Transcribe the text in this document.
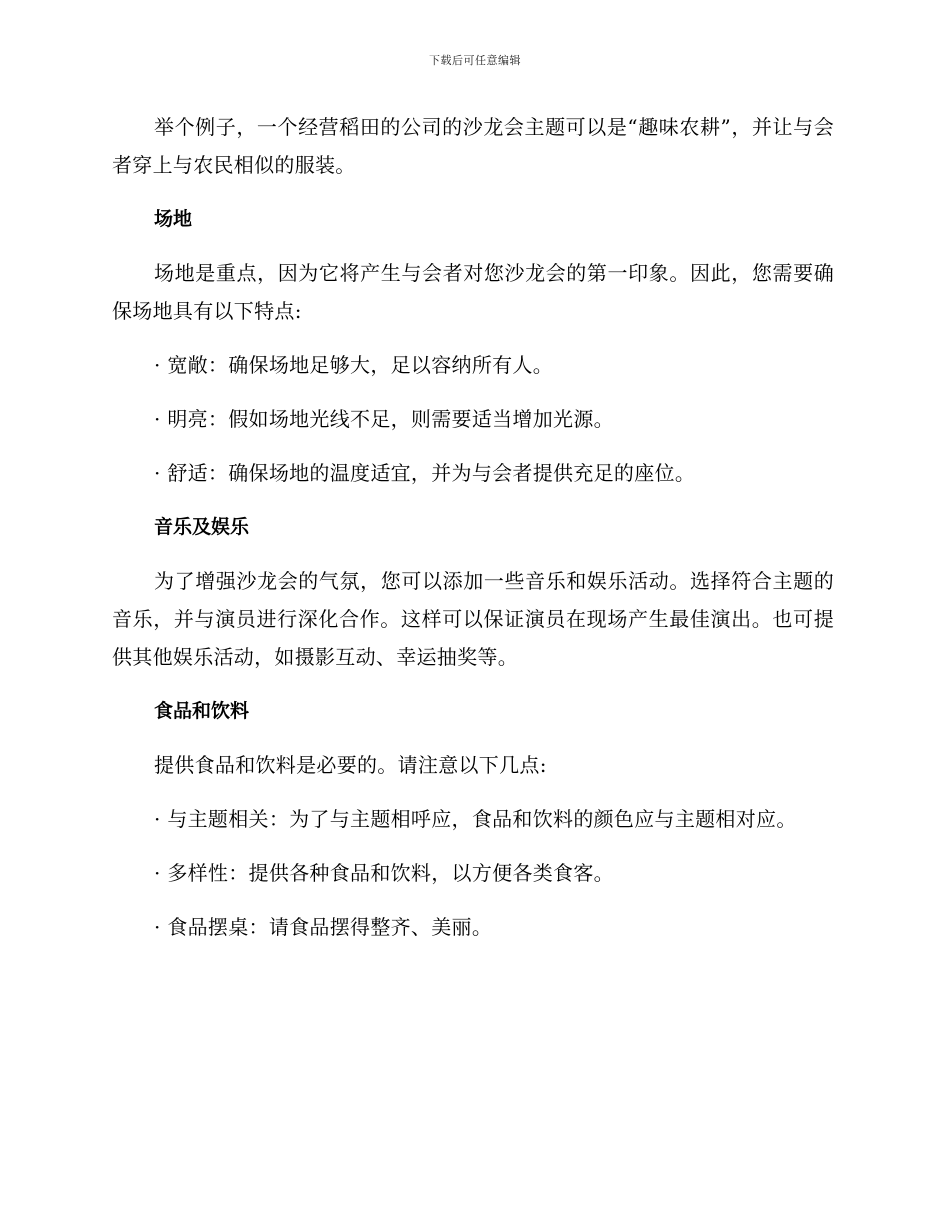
下载后可任意编辑

举个例子，一个经营稻田的公司的沙龙会主题可以是“趣味农耕”，并让与会者穿上与农民相似的服装。

场地

场地是重点，因为它将产生与会者对您沙龙会的第一印象。因此，您需要确保场地具有以下特点:

· 宽敞：确保场地足够大，足以容纳所有人。

· 明亮：假如场地光线不足，则需要适当增加光源。

· 舒适：确保场地的温度适宜，并为与会者提供充足的座位。

音乐及娱乐

为了增强沙龙会的气氛，您可以添加一些音乐和娱乐活动。选择符合主题的音乐，并与演员进行深化合作。这样可以保证演员在现场产生最佳演出。也可提供其他娱乐活动，如摄影互动、幸运抽奖等。

食品和饮料

提供食品和饮料是必要的。请注意以下几点:

· 与主题相关：为了与主题相呼应，食品和饮料的颜色应与主题相对应。

· 多样性：提供各种食品和饮料，以方便各类食客。

· 食品摆桌：请食品摆得整齐、美丽。
